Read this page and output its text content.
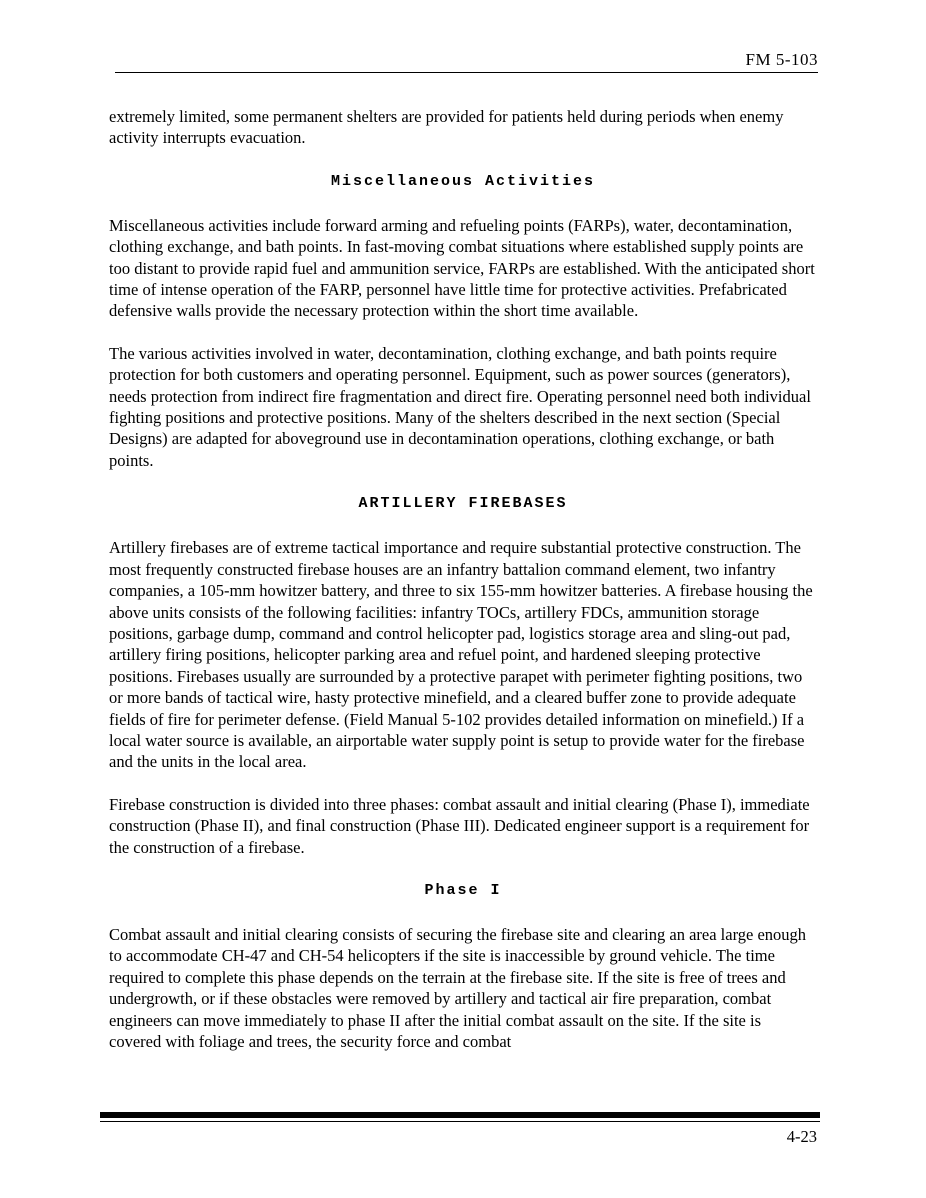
FM 5-103

extremely limited, some permanent shelters are provided for patients held during periods when enemy activity interrupts evacuation.

Miscellaneous Activities

Miscellaneous activities include forward arming and refueling points (FARPs), water, decontamination, clothing exchange, and bath points. In fast-moving combat situations where established supply points are too distant to provide rapid fuel and ammunition service, FARPs are established. With the anticipated short time of intense operation of the FARP, personnel have little time for protective activities. Prefabricated defensive walls provide the necessary protection within the short time available.

The various activities involved in water, decontamination, clothing exchange, and bath points require protection for both customers and operating personnel. Equipment, such as power sources (generators), needs protection from indirect fire fragmentation and direct fire. Operating personnel need both individual fighting positions and protective positions. Many of the shelters described in the next section (Special Designs) are adapted for aboveground use in decontamination operations, clothing exchange, or bath points.

ARTILLERY FIREBASES

Artillery firebases are of extreme tactical importance and require substantial protective construction. The most frequently constructed firebase houses are an infantry battalion command element, two infantry companies, a 105-mm howitzer battery, and three to six 155-mm howitzer batteries. A firebase housing the above units consists of the following facilities: infantry TOCs, artillery FDCs, ammunition storage positions, garbage dump, command and control helicopter pad, logistics storage area and sling-out pad, artillery firing positions, helicopter parking area and refuel point, and hardened sleeping protective positions. Firebases usually are surrounded by a protective parapet with perimeter fighting positions, two or more bands of tactical wire, hasty protective minefield, and a cleared buffer zone to provide adequate fields of fire for perimeter defense. (Field Manual 5-102 provides detailed information on minefield.) If a local water source is available, an airportable water supply point is setup to provide water for the firebase and the units in the local area.

Firebase construction is divided into three phases: combat assault and initial clearing (Phase I), immediate construction (Phase II), and final construction (Phase III). Dedicated engineer support is a requirement for the construction of a firebase.

Phase I

Combat assault and initial clearing consists of securing the firebase site and clearing an area large enough to accommodate CH-47 and CH-54 helicopters if the site is inaccessible by ground vehicle. The time required to complete this phase depends on the terrain at the firebase site. If the site is free of trees and undergrowth, or if these obstacles were removed by artillery and tactical air fire preparation, combat engineers can move immediately to phase II after the initial combat assault on the site. If the site is covered with foliage and trees, the security force and combat

4-23
